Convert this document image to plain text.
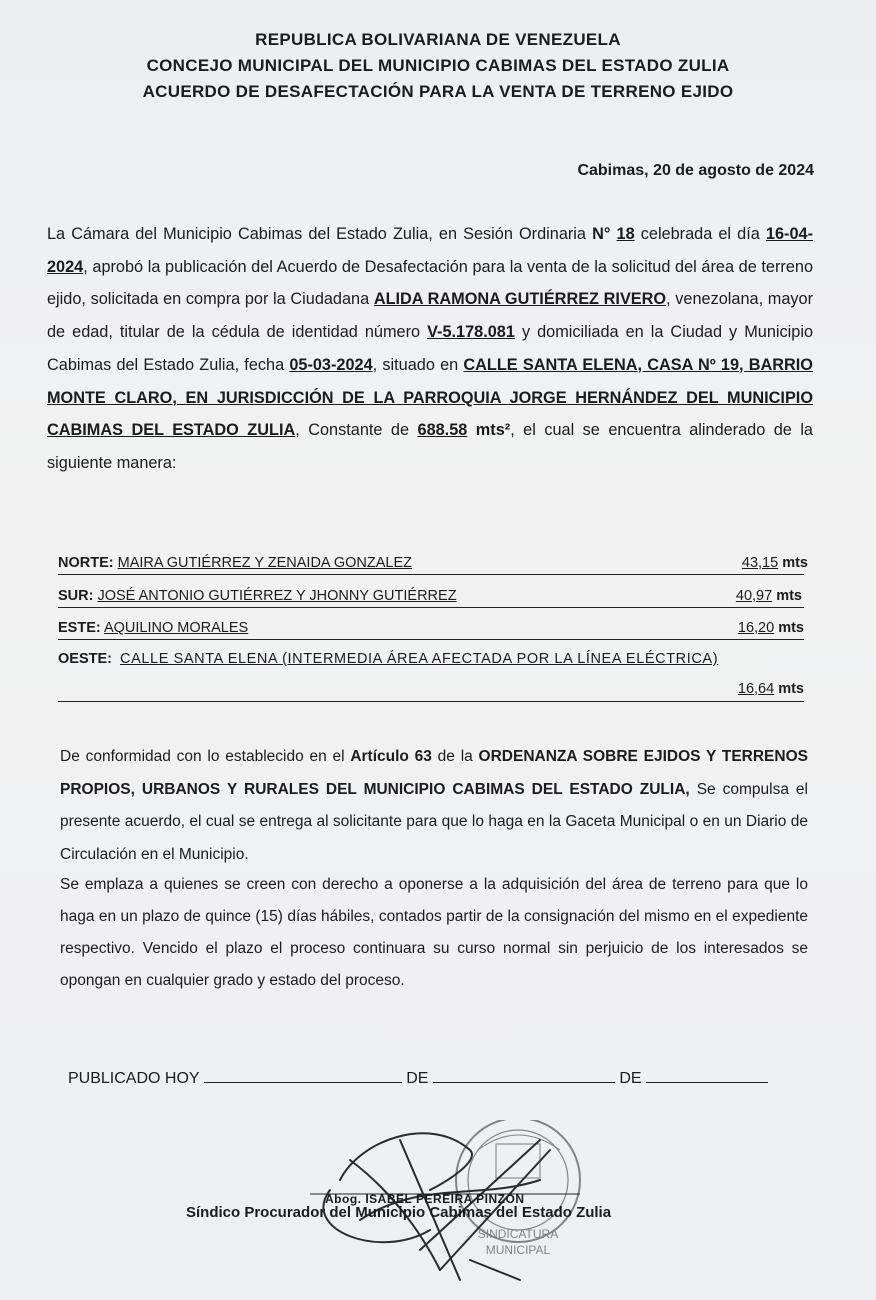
REPUBLICA BOLIVARIANA DE VENEZUELA
CONCEJO MUNICIPAL DEL MUNICIPIO CABIMAS DEL ESTADO ZULIA
ACUERDO DE DESAFECTACIÓN PARA LA VENTA DE TERRENO EJIDO
Cabimas, 20 de agosto de 2024
La Cámara del Municipio Cabimas del Estado Zulia, en Sesión Ordinaria N° 18 celebrada el día 16-04-2024, aprobó la publicación del Acuerdo de Desafectación para la venta de la solicitud del área de terreno ejido, solicitada en compra por la Ciudadana ALIDA RAMONA GUTIÉRREZ RIVERO, venezolana, mayor de edad, titular de la cédula de identidad número V-5.178.081 y domiciliada en la Ciudad y Municipio Cabimas del Estado Zulia, fecha 05-03-2024, situado en CALLE SANTA ELENA, CASA Nº 19, BARRIO MONTE CLARO, EN JURISDICCIÓN DE LA PARROQUIA JORGE HERNÁNDEZ DEL MUNICIPIO CABIMAS DEL ESTADO ZULIA, Constante de 688.58 mts², el cual se encuentra alinderado de la siguiente manera:
NORTE: MAIRA GUTIÉRREZ Y ZENAIDA GONZALEZ	43,15 mts
SUR: JOSÉ ANTONIO GUTIÉRREZ Y JHONNY GUTIÉRREZ	40,97 mts
ESTE: AQUILINO MORALES	16,20 mts
OESTE: CALLE SANTA ELENA (INTERMEDIA ÁREA AFECTADA POR LA LÍNEA ELÉCTRICA)
16,64 mts
De conformidad con lo establecido en el Artículo 63 de la ORDENANZA SOBRE EJIDOS Y TERRENOS PROPIOS, URBANOS Y RURALES DEL MUNICIPIO CABIMAS DEL ESTADO ZULIA, Se compulsa el presente acuerdo, el cual se entrega al solicitante para que lo haga en la Gaceta Municipal o en un Diario de Circulación en el Municipio.
Se emplaza a quienes se creen con derecho a oponerse a la adquisición del área de terreno para que lo haga en un plazo de quince (15) días hábiles, contados partir de la consignación del mismo en el expediente respectivo. Vencido el plazo el proceso continuara su curso normal sin perjuicio de los interesados se opongan en cualquier grado y estado del proceso.
PUBLICADO HOY	DE	DE
SINDICATURA
MUNICIPAL
Abog. ISABEL PEREIRA PINZÓN
Síndico Procurador del Municipio Cabimas del Estado Zulia
